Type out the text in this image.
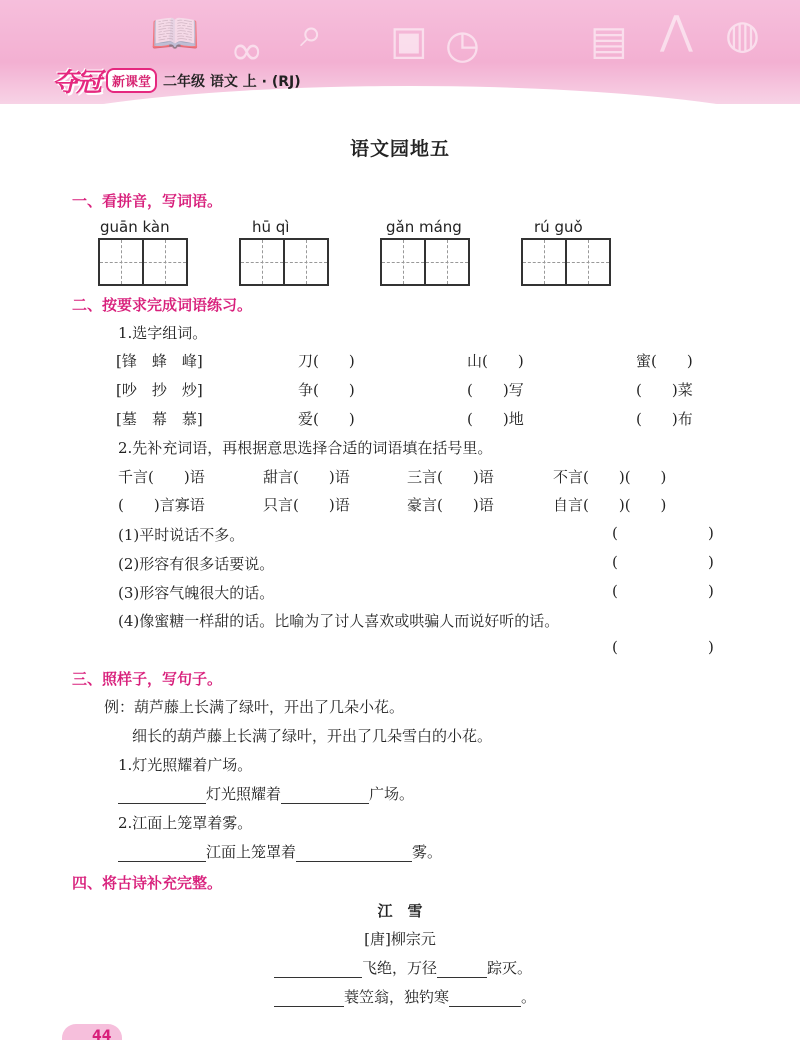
📖 ∞ ⌕ ▣ ◷	▤ ⋀ ◍
夺冠 新课堂 二年级 语文 上 · (RJ)
语文园地五
一、看拼音，写词语。
guān kàn	hū qì	gǎn máng	rú guǒ
二、按要求完成词语练习。
1.选字组词。
[锋　蜂　峰]	刀(　　)	山(　　)	蜜(　　)
[吵　抄　炒]	争(　　)	(　　)写	(　　)菜
[墓　幕　慕]	爱(　　)	(　　)地	(　　)布
2.先补充词语，再根据意思选择合适的词语填在括号里。
千言(　　)语	甜言(　　)语	三言(　　)语	不言(　　)(　　)
(　　)言寡语	只言(　　)语	豪言(　　)语	自言(　　)(　　)
(1)平时说话不多。	(	)
(2)形容有很多话要说。	(	)
(3)形容气魄很大的话。	(	)
(4)像蜜糖一样甜的话。比喻为了讨人喜欢或哄骗人而说好听的话。
(	)
三、照样子，写句子。
例：葫芦藤上长满了绿叶，开出了几朵小花。
细长的葫芦藤上长满了绿叶，开出了几朵雪白的小花。
1.灯光照耀着广场。
灯光照耀着	广场。
2.江面上笼罩着雾。
江面上笼罩着	雾。
四、将古诗补充完整。
江　雪
[唐]柳宗元
飞绝，万径	踪灭。
蓑笠翁，独钓寒	。
44
